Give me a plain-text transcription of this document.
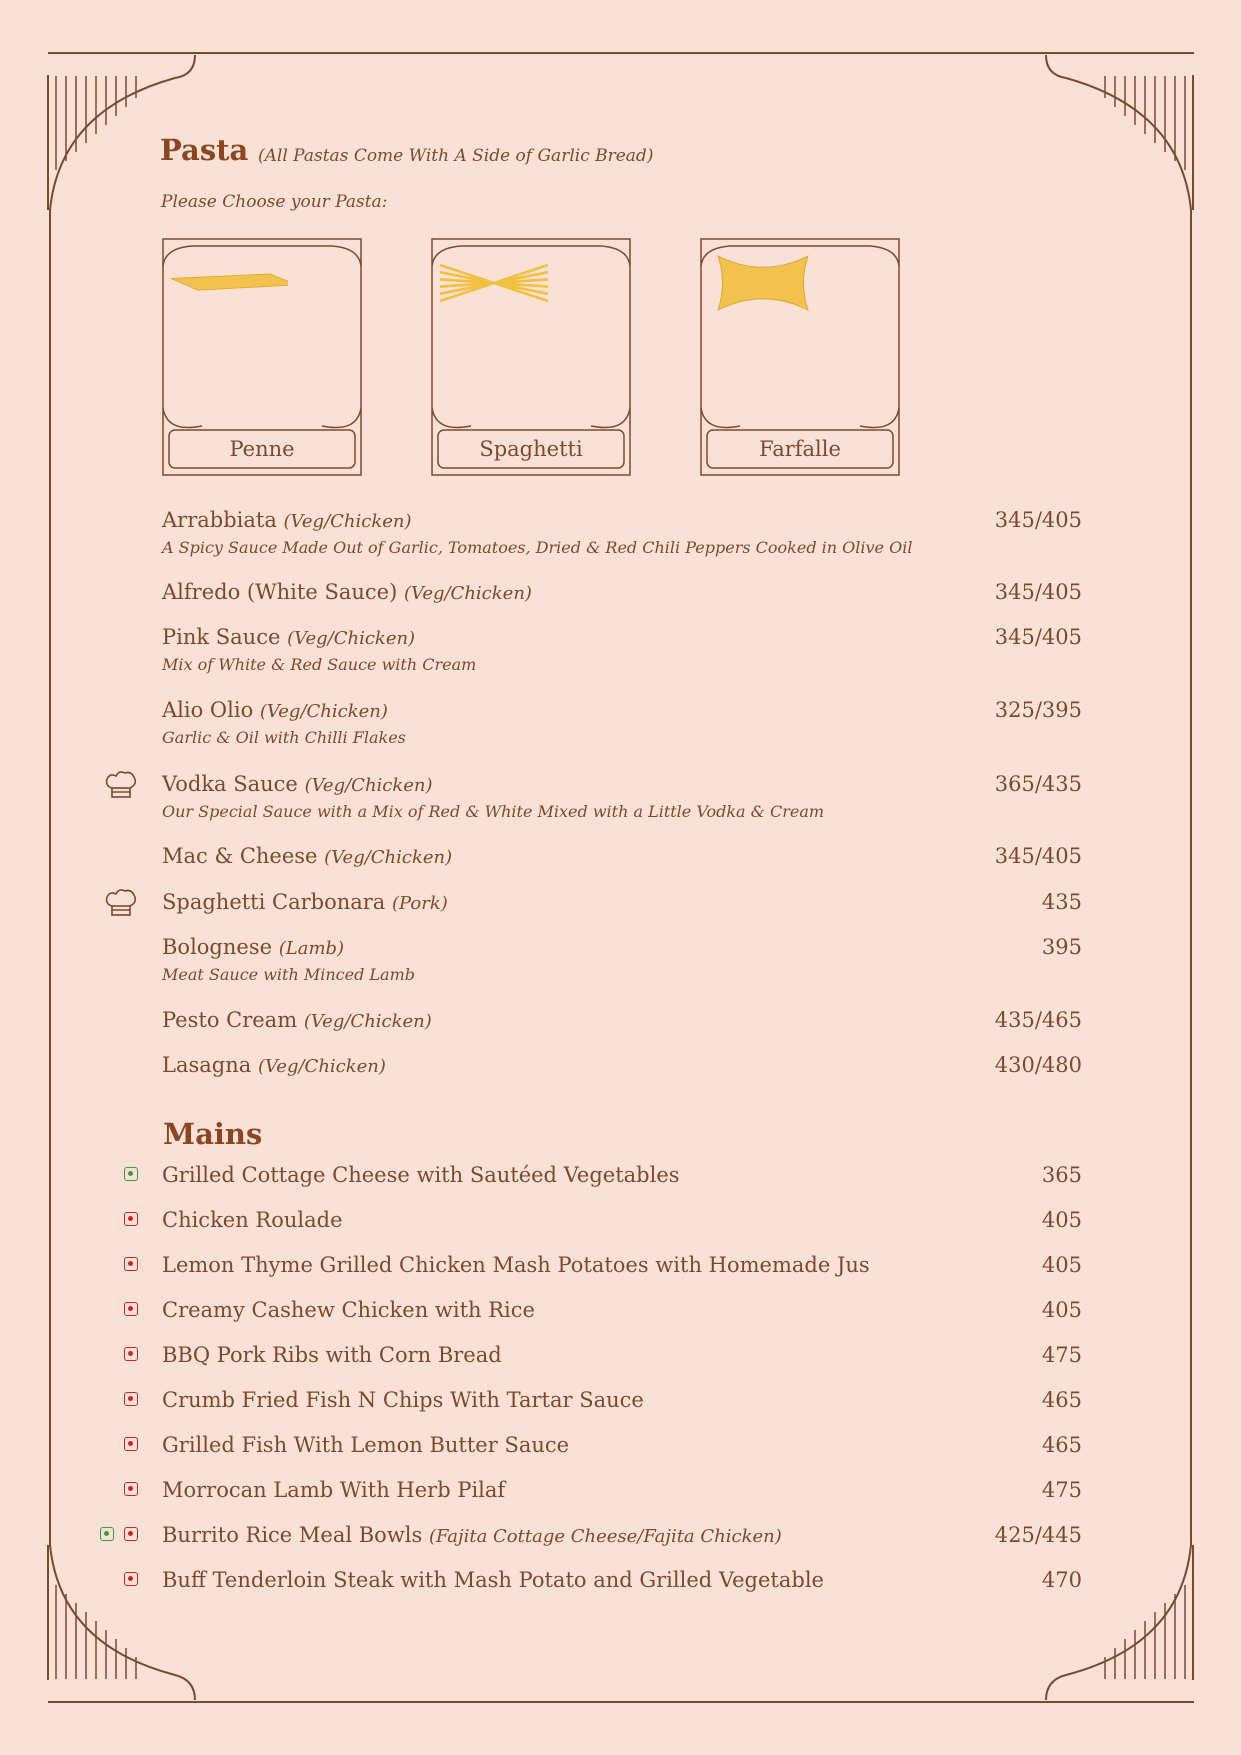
Pasta (All Pastas Come With A Side of Garlic Bread)
Please Choose your Pasta:
Penne	Spaghetti	Farfalle
Arrabbiata (Veg/Chicken)
A Spicy Sauce Made Out of Garlic, Tomatoes, Dried & Red Chili Peppers Cooked in Olive Oil
345/405
Alfredo (White Sauce) (Veg/Chicken)	345/405
Pink Sauce (Veg/Chicken)
Mix of White & Red Sauce with Cream
345/405
Alio Olio (Veg/Chicken)
Garlic & Oil with Chilli Flakes
325/395
Vodka Sauce (Veg/Chicken)
Our Special Sauce with a Mix of Red & White Mixed with a Little Vodka & Cream
365/435
Mac & Cheese (Veg/Chicken)	345/405
Spaghetti Carbonara (Pork)	435
Bolognese (Lamb)
Meat Sauce with Minced Lamb
395
Pesto Cream (Veg/Chicken)	435/465
Lasagna (Veg/Chicken)	430/480
Mains
Grilled Cottage Cheese with Sautéed Vegetables	365
Chicken Roulade	405
Lemon Thyme Grilled Chicken Mash Potatoes with Homemade Jus	405
Creamy Cashew Chicken with Rice	405
BBQ Pork Ribs with Corn Bread	475
Crumb Fried Fish N Chips With Tartar Sauce	465
Grilled Fish With Lemon Butter Sauce	465
Morrocan Lamb With Herb Pilaf	475
Burrito Rice Meal Bowls (Fajita Cottage Cheese/Fajita Chicken)	425/445
Buff Tenderloin Steak with Mash Potato and Grilled Vegetable	470
